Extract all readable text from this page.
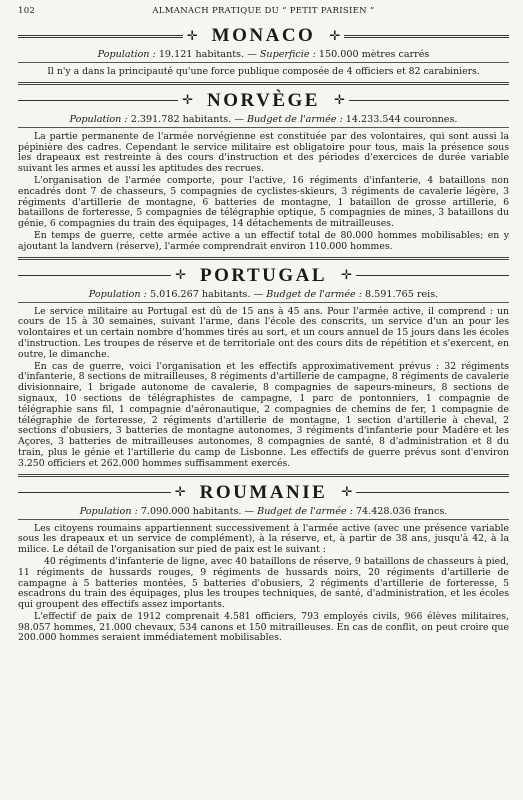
102	ALMANACH PRATIQUE DU “ PETIT PARISIEN ”
✛ MONACO	✛
Population : 19.121 habitants. — Superficie : 150.000 mètres carrés

Il n'y a dans la principauté qu'une force publique composée de 4 officiers et 82 carabiniers.

✛ NORVÈGE	✛
Population : 2.391.782 habitants. — Budget de l'armée : 14.233.544 couronnes.

La partie permanente de l'armée norvégienne est constituée par des volontaires, qui sont aussi la pépinière des cadres. Cependant le service militaire est obligatoire pour tous, mais la présence sous les drapeaux est restreinte à des cours d'instruction et des périodes d'exercices de durée variable suivant les armes et aussi les aptitudes des recrues.

L'organisation de l'armée comporte, pour l'active, 16 régiments d'infanterie, 4 bataillons non encadrés dont 7 de chasseurs, 5 compagnies de cyclistes-skieurs, 3 régiments de cavalerie légère, 3 régiments d'artillerie de montagne, 6 batteries de montagne, 1 bataillon de grosse artillerie, 6 bataillons de forteresse, 5 compagnies de télégraphie optique, 5 compagnies de mines, 3 bataillons du génie, 6 compagnies du train des équipages, 14 détachements de mitrailleuses.

En temps de guerre, cette armée active a un effectif total de 80.000 hommes mobilisables; en y ajoutant la landvern (réserve), l'armée comprendrait environ 110.000 hommes.

✛ PORTUGAL	✛
Population : 5.016.267 habitants. — Budget de l'armée : 8.591.765 reis.

Le service militaire au Portugal est dû de 15 ans à 45 ans. Pour l'armée active, il comprend : un cours de 15 à 30 semaines, suivant l'arme, dans l'école des conscrits, un service d'un an pour les volontaires et un certain nombre d'hommes tirés au sort, et un cours annuel de 15 jours dans les écoles d'instruction. Les troupes de réserve et de territoriale ont des cours dits de répétition et s'exercent, en outre, le dimanche.

En cas de guerre, voici l'organisation et les effectifs approximativement prévus : 32 régiments d'infanterie, 8 sections de mitrailleuses, 8 régiments d'artillerie de campagne, 8 régiments de cavalerie divisionnaire, 1 brigade autonome de cavalerie, 8 compagnies de sapeurs-mineurs, 8 sections de signaux, 10 sections de télégraphistes de campagne, 1 parc de pontonniers, 1 compagnie de télégraphie sans fil, 1 compagnie d'aéronautique, 2 compagnies de chemins de fer, 1 compagnie de télégraphie de forteresse, 2 régiments d'artillerie de montagne, 1 section d'artillerie à cheval, 2 sections d'obusiers, 3 batteries de montagne autonomes, 3 régiments d'infanterie pour Madère et les Açores, 3 batteries de mitrailleuses autonomes, 8 compagnies de santé, 8 d'administration et 8 du train, plus le génie et l'artillerie du camp de Lisbonne. Les effectifs de guerre prévus sont d'environ 3.250 officiers et 262.000 hommes suffisamment exercés.

✛ ROUMANIE	✛
Population : 7.090.000 habitants. — Budget de l'armée : 74.428.036 francs.

Les citoyens roumains appartiennent successivement à l'armée active (avec une présence variable sous les drapeaux et un service de complément), à la réserve, et, à partir de 38 ans, jusqu'à 42, à la milice. Le détail de l'organisation sur pied de paix est le suivant :

40 régiments d'infanterie de ligne, avec 40 bataillons de réserve, 9 bataillons de chasseurs à pied, 11 régiments de hussards rouges, 9 régiments de hussards noirs, 20 régiments d'artillerie de campagne à 5 batteries montées, 5 batteries d'obusiers, 2 régiments d'artillerie de forteresse, 5 escadrons du train des équipages, plus les troupes techniques, de santé, d'administration, et les écoles qui groupent des effectifs assez importants.

L'effectif de paix de 1912 comprenait 4.581 officiers, 793 employés civils, 966 élèves militaires, 98.057 hommes, 21.000 chevaux, 534 canons et 150 mitrailleuses. En cas de conflit, on peut croire que 200.000 hommes seraient immédiatement mobilisables.
